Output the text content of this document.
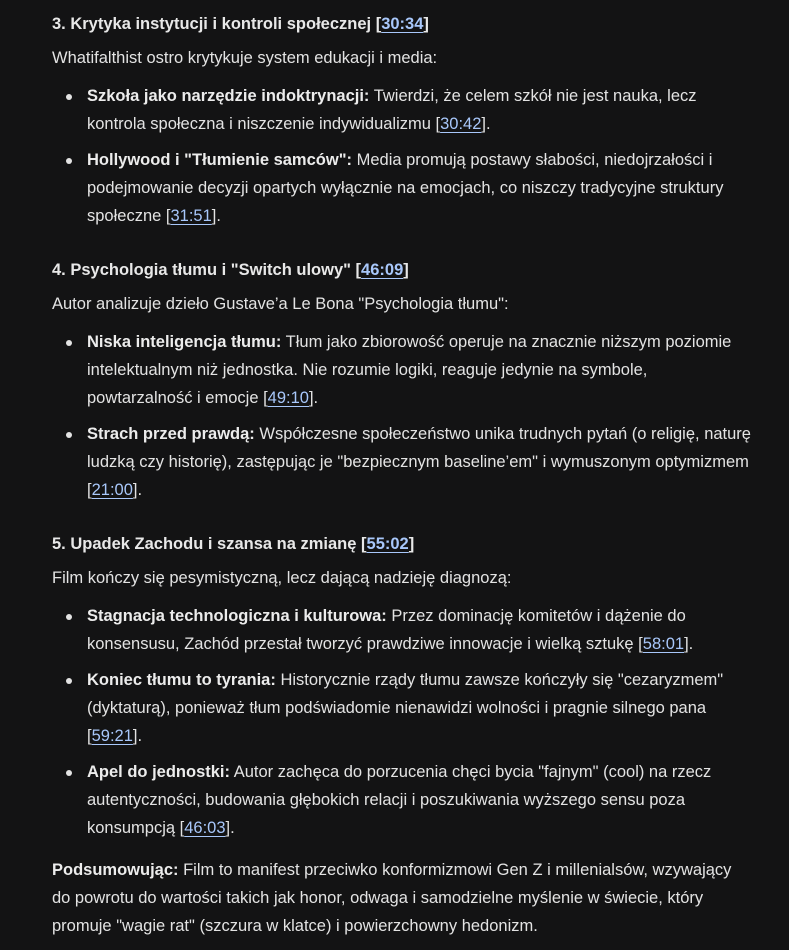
3. Krytyka instytucji i kontroli społecznej [30:34]

Whatifalthist ostro krytykuje system edukacji i media:

Szkoła jako narzędzie indoktrynacji: Twierdzi, że celem szkół nie jest nauka, lecz kontrola społeczna i niszczenie indywidualizmu [30:42].
Hollywood i "Tłumienie samców": Media promują postawy słabości, niedojrzałości i podejmowanie decyzji opartych wyłącznie na emocjach, co niszczy tradycyjne struktury społeczne [31:51].
4. Psychologia tłumu i "Switch ulowy" [46:09]

Autor analizuje dzieło Gustave’a Le Bona "Psychologia tłumu":

Niska inteligencja tłumu: Tłum jako zbiorowość operuje na znacznie niższym poziomie intelektualnym niż jednostka. Nie rozumie logiki, reaguje jedynie na symbole, powtarzalność i emocje [49:10].
Strach przed prawdą: Współczesne społeczeństwo unika trudnych pytań (o religię, naturę ludzką czy historię), zastępując je "bezpiecznym baseline’em" i wymuszonym optymizmem [21:00].
5. Upadek Zachodu i szansa na zmianę [55:02]

Film kończy się pesymistyczną, lecz dającą nadzieję diagnozą:

Stagnacja technologiczna i kulturowa: Przez dominację komitetów i dążenie do konsensusu, Zachód przestał tworzyć prawdziwe innowacje i wielką sztukę [58:01].
Koniec tłumu to tyrania: Historycznie rządy tłumu zawsze kończyły się "cezaryzmem" (dyktaturą), ponieważ tłum podświadomie nienawidzi wolności i pragnie silnego pana [59:21].
Apel do jednostki: Autor zachęca do porzucenia chęci bycia "fajnym" (cool) na rzecz autentyczności, budowania głębokich relacji i poszukiwania wyższego sensu poza konsumpcją [46:03].

Podsumowując: Film to manifest przeciwko konformizmowi Gen Z i millenialsów, wzywający do powrotu do wartości takich jak honor, odwaga i samodzielne myślenie w świecie, który promuje "wagie rat" (szczura w klatce) i powierzchowny hedonizm.
